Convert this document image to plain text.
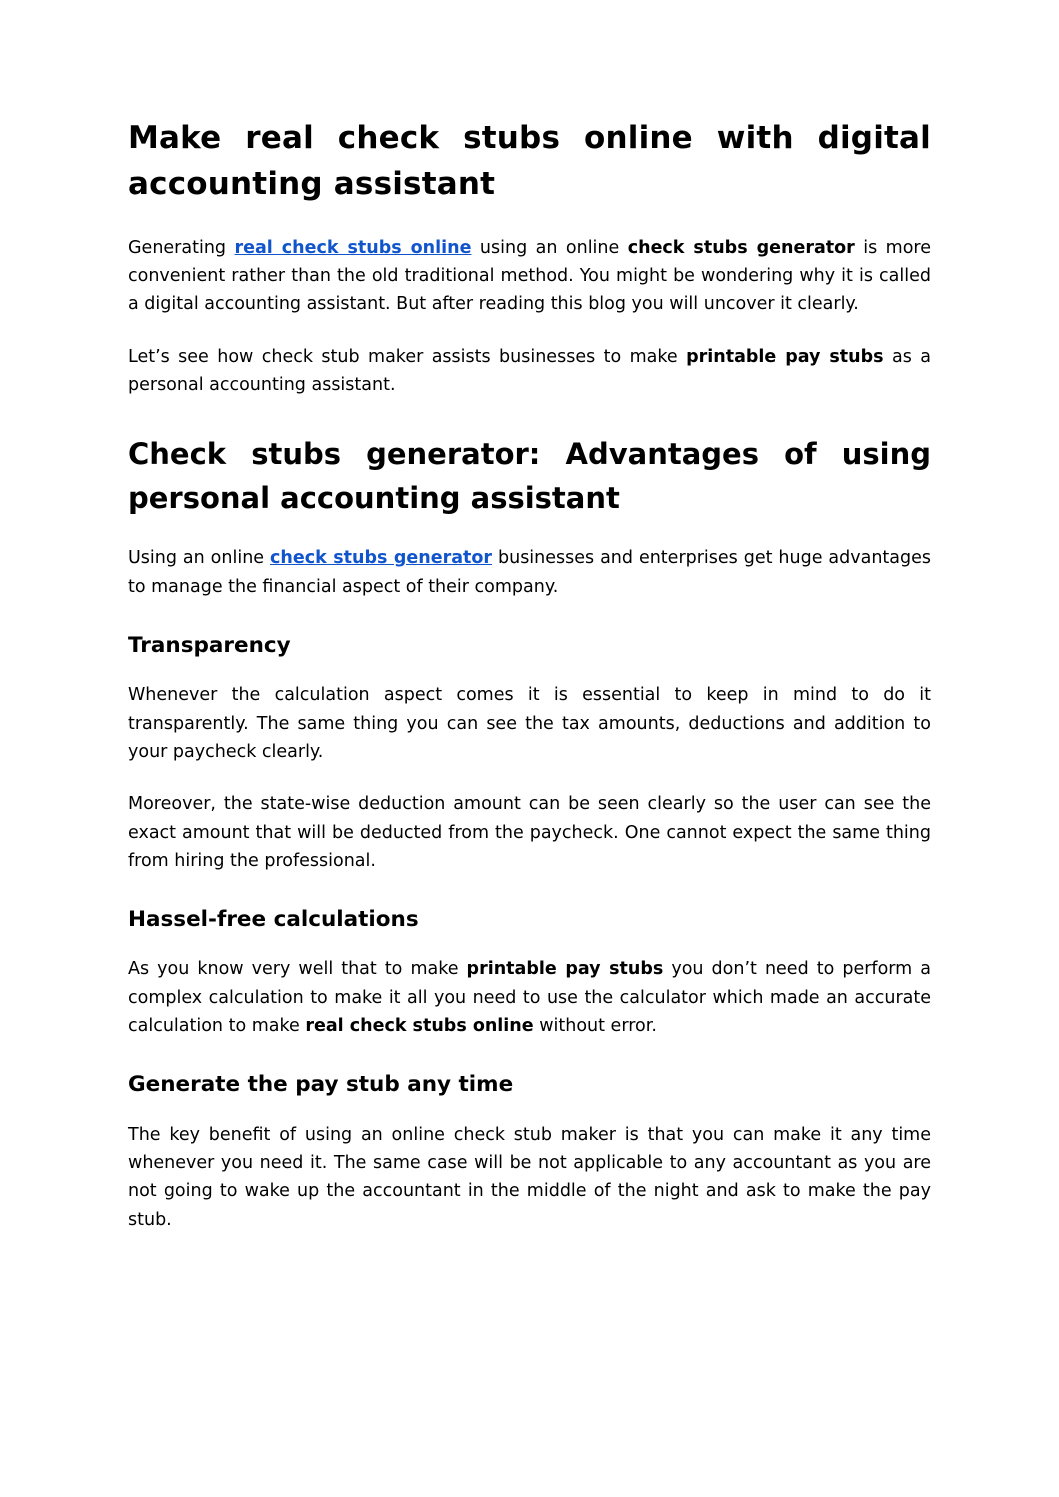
Make real check stubs online with digital accounting assistant

Generating real check stubs online using an online check stubs generator is more convenient rather than the old traditional method. You might be wondering why it is called a digital accounting assistant. But after reading this blog you will uncover it clearly.

Let’s see how check stub maker assists businesses to make printable pay stubs as a personal accounting assistant.

Check stubs generator: Advantages of using personal accounting assistant

Using an online check stubs generator businesses and enterprises get huge advantages to manage the financial aspect of their company.

Transparency

Whenever the calculation aspect comes it is essential to keep in mind to do it transparently. The same thing you can see the tax amounts, deductions and addition to your paycheck clearly.

Moreover, the state-wise deduction amount can be seen clearly so the user can see the exact amount that will be deducted from the paycheck. One cannot expect the same thing from hiring the professional.

Hassel-free calculations

As you know very well that to make printable pay stubs you don’t need to perform a complex calculation to make it all you need to use the calculator which made an accurate calculation to make real check stubs online without error.

Generate the pay stub any time

The key benefit of using an online check stub maker is that you can make it any time whenever you need it. The same case will be not applicable to any accountant as you are not going to wake up the accountant in the middle of the night and ask to make the pay stub.
